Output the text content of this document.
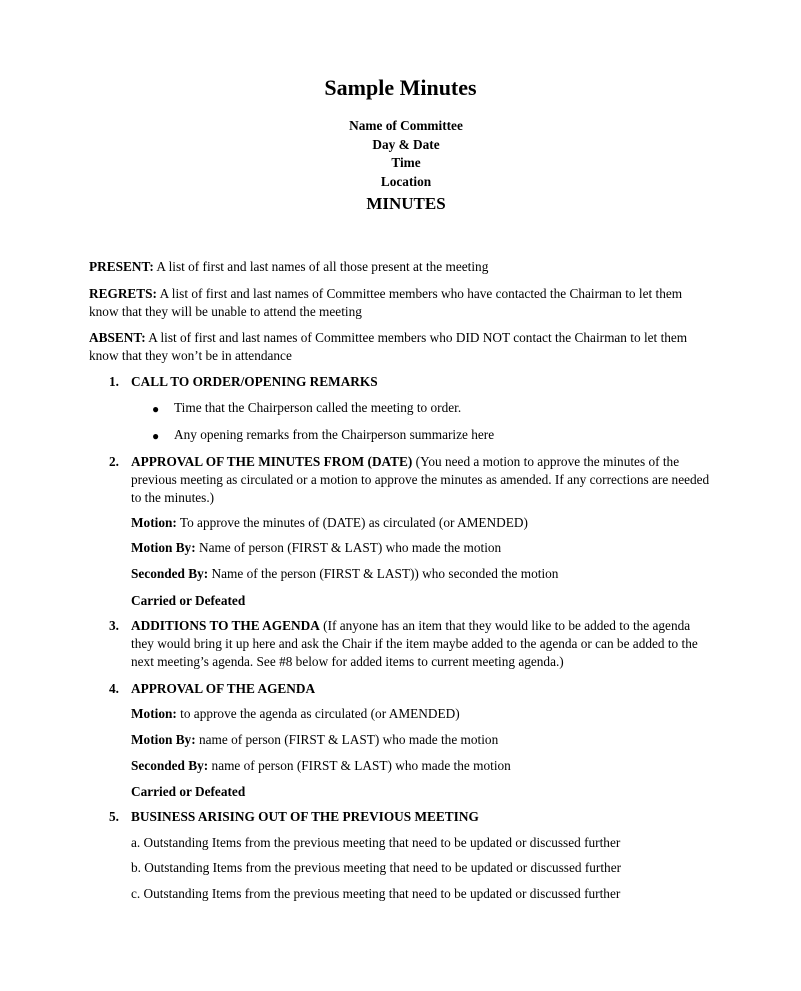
Sample Minutes
Name of Committee
Day & Date
Time
Location
MINUTES

PRESENT: A list of first and last names of all those present at the meeting

REGRETS: A list of first and last names of Committee members who have contacted the Chairman to let them know that they will be unable to attend the meeting

ABSENT: A list of first and last names of Committee members who DID NOT contact the Chairman to let them know that they won’t be in attendance

1. CALL TO ORDER/OPENING REMARKS

● Time that the Chairperson called the meeting to order.
● Any opening remarks from the Chairperson summarize here
2. APPROVAL OF THE MINUTES FROM (DATE) (You need a motion to approve the minutes of the previous meeting as circulated or a motion to approve the minutes as amended. If any corrections are needed to the minutes.)

Motion: To approve the minutes of (DATE) as circulated (or AMENDED)

Motion By: Name of person (FIRST & LAST) who made the motion

Seconded By: Name of the person (FIRST & LAST)) who seconded the motion

Carried or Defeated

3. ADDITIONS TO THE AGENDA (If anyone has an item that they would like to be added to the agenda they would bring it up here and ask the Chair if the item maybe added to the agenda or can be added to the next meeting’s agenda. See #8 below for added items to current meeting agenda.)

4. APPROVAL OF THE AGENDA

Motion: to approve the agenda as circulated (or AMENDED)

Motion By: name of person (FIRST & LAST) who made the motion

Seconded By: name of person (FIRST & LAST) who made the motion

Carried or Defeated

5. BUSINESS ARISING OUT OF THE PREVIOUS MEETING

a. Outstanding Items from the previous meeting that need to be updated or discussed further

b. Outstanding Items from the previous meeting that need to be updated or discussed further

c. Outstanding Items from the previous meeting that need to be updated or discussed further
